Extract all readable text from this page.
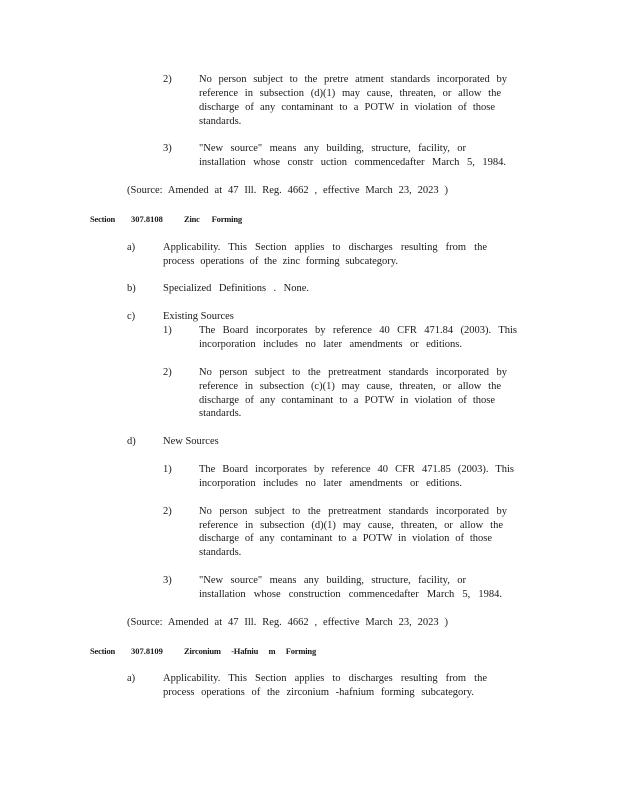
2)	No person subject to the pretre atment standards incorporated by
reference in subsection (d)(1) may cause, threaten, or allow the
discharge of any contaminant to a POTW in violation of those
standards.
3)	"New source" means any building, structure, facility, or
installation whose constr uction commencedafter March 5, 1984.
(Source: Amended at 47 Ill. Reg. 4662 , effective March 23, 2023 )
Section 307.8108 Zinc Forming
a)	Applicability. This Section applies to discharges resulting from the
process operations of the zinc forming subcategory.
b)	Specialized Definitions . None.
c)	Existing Sources
1)	The Board incorporates by reference 40 CFR 471.84 (2003). This
incorporation includes no later amendments or editions.
2)	No person subject to the pretreatment standards incorporated by
reference in subsection (c)(1) may cause, threaten, or allow the
discharge of any contaminant to a POTW in violation of those
standards.
d)	New Sources
1)	The Board incorporates by reference 40 CFR 471.85 (2003). This
incorporation includes no later amendments or editions.
2)	No person subject to the pretreatment standards incorporated by
reference in subsection (d)(1) may cause, threaten, or allow the
discharge of any contaminant to a POTW in violation of those
standards.
3)	"New source" means any building, structure, facility, or
installation whose construction commencedafter March 5, 1984.
(Source: Amended at 47 Ill. Reg. 4662 , effective March 23, 2023 )
Section 307.8109 Zirconium -Hafniu m Forming
a)	Applicability. This Section applies to discharges resulting from the
process operations of the zirconium -hafnium forming subcategory.
